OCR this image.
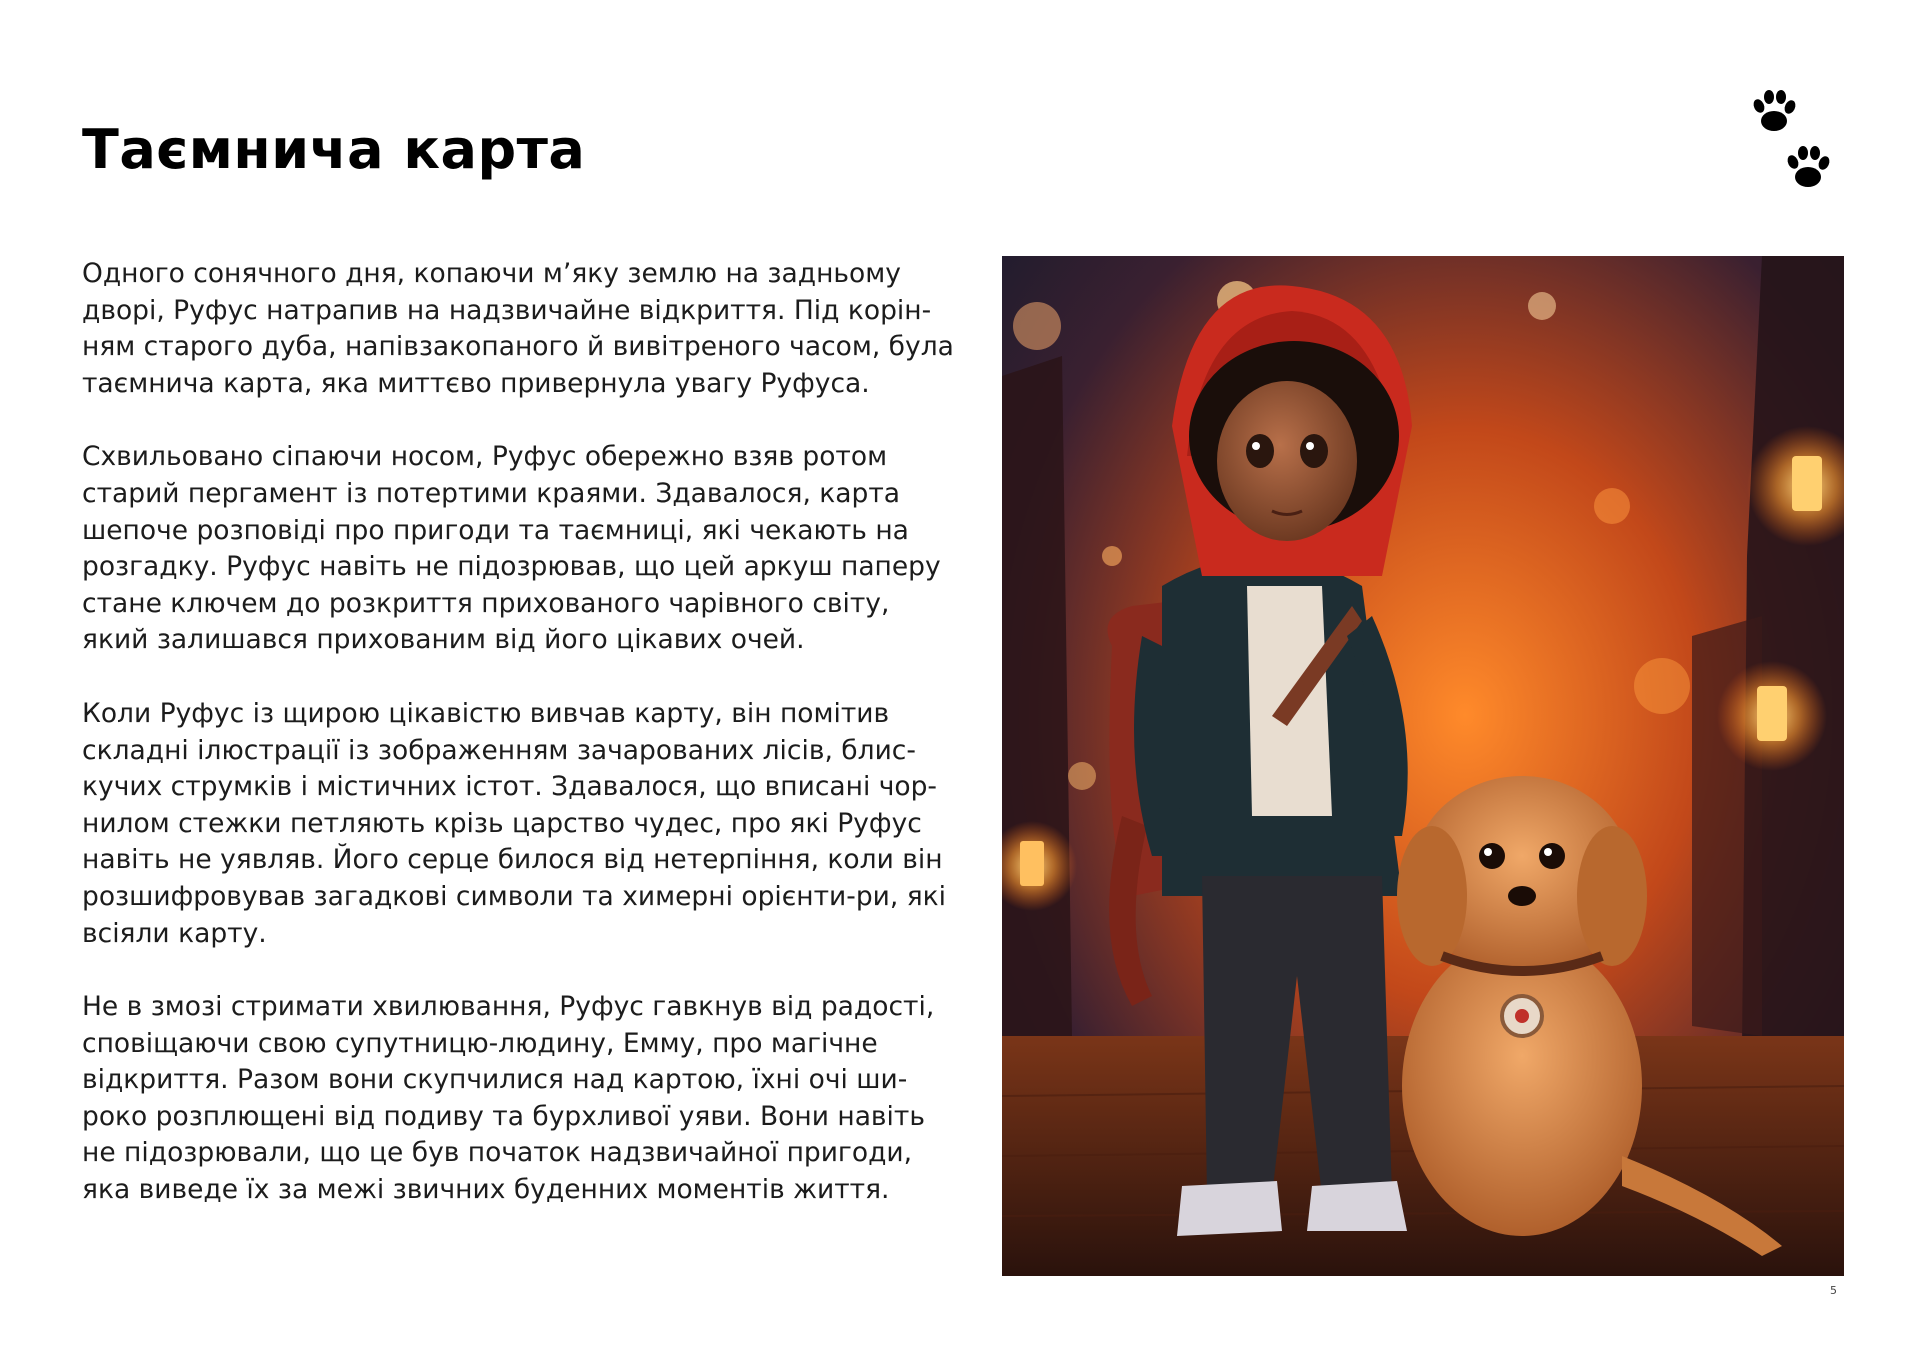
Таємнича карта

Одного сонячного дня, копаючи м’яку землю на задньому дворі, Руфус натрапив на надзвичайне відкриття. Під корін-ням старого дуба, напівзакопаного й вивітреного часом, була таємнича карта, яка миттєво привернула увагу Руфуса.

Схвильовано сіпаючи носом, Руфус обережно взяв ротом старий пергамент із потертими краями. Здавалося, карта шепоче розповіді про пригоди та таємниці, які чекають на розгадку. Руфус навіть не підозрював, що цей аркуш паперу стане ключем до розкриття прихованого чарівного світу, який залишався прихованим від його цікавих очей.

Коли Руфус із щирою цікавістю вивчав карту, він помітив складні ілюстрації із зображенням зачарованих лісів, блис-кучих струмків і містичних істот. Здавалося, що вписані чор-нилом стежки петляють крізь царство чудес, про які Руфус навіть не уявляв. Його серце билося від нетерпіння, коли він розшифровував загадкові символи та химерні орієнти-ри, які всіяли карту.

Не в змозі стримати хвилювання, Руфус гавкнув від радості, сповіщаючи свою супутницю-людину, Емму, про магічне відкриття. Разом вони скупчилися над картою, їхні очі ши-роко розплющені від подиву та бурхливої уяви. Вони навіть не підозрювали, що це був початок надзвичайної пригоди, яка виведе їх за межі звичних буденних моментів життя.

5
